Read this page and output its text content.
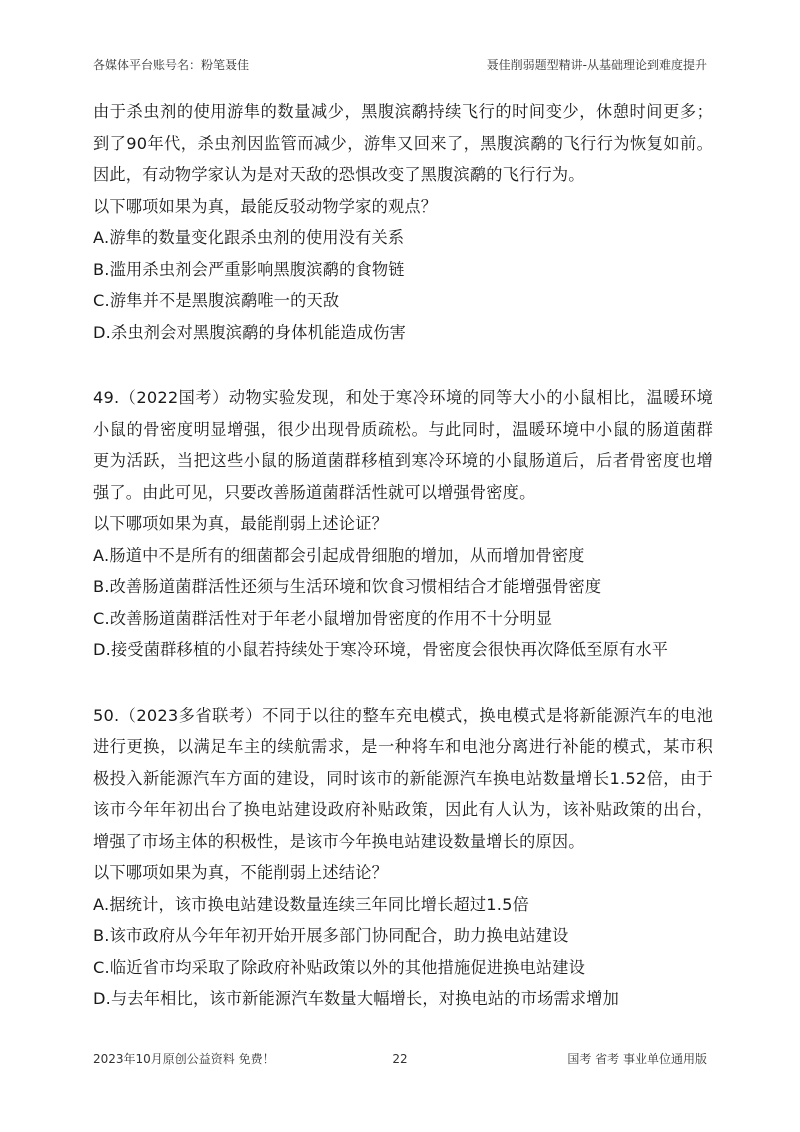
各媒体平台账号名：粉笔聂佳	聂佳削弱题型精讲-从基础理论到难度提升

由于杀虫剂的使用游隼的数量减少，黑腹滨鹬持续飞行的时间变少，休憩时间更多；到了90年代，杀虫剂因监管而减少，游隼又回来了，黑腹滨鹬的飞行行为恢复如前。因此，有动物学家认为是对天敌的恐惧改变了黑腹滨鹬的飞行行为。

以下哪项如果为真，最能反驳动物学家的观点？

A.游隼的数量变化跟杀虫剂的使用没有关系

B.滥用杀虫剂会严重影响黑腹滨鹬的食物链

C.游隼并不是黑腹滨鹬唯一的天敌

D.杀虫剂会对黑腹滨鹬的身体机能造成伤害

49.（2022国考）动物实验发现，和处于寒冷环境的同等大小的小鼠相比，温暖环境小鼠的骨密度明显增强，很少出现骨质疏松。与此同时，温暖环境中小鼠的肠道菌群更为活跃，当把这些小鼠的肠道菌群移植到寒冷环境的小鼠肠道后，后者骨密度也增强了。由此可见，只要改善肠道菌群活性就可以增强骨密度。

以下哪项如果为真，最能削弱上述论证？

A.肠道中不是所有的细菌都会引起成骨细胞的增加，从而增加骨密度

B.改善肠道菌群活性还须与生活环境和饮食习惯相结合才能增强骨密度

C.改善肠道菌群活性对于年老小鼠增加骨密度的作用不十分明显

D.接受菌群移植的小鼠若持续处于寒冷环境，骨密度会很快再次降低至原有水平

50.（2023多省联考）不同于以往的整车充电模式，换电模式是将新能源汽车的电池进行更换，以满足车主的续航需求，是一种将车和电池分离进行补能的模式，某市积极投入新能源汽车方面的建设，同时该市的新能源汽车换电站数量增长1.52倍，由于该市今年年初出台了换电站建设政府补贴政策，因此有人认为，该补贴政策的出台，增强了市场主体的积极性，是该市今年换电站建设数量增长的原因。

以下哪项如果为真，不能削弱上述结论？

A.据统计，该市换电站建设数量连续三年同比增长超过1.5倍

B.该市政府从今年年初开始开展多部门协同配合，助力换电站建设

C.临近省市均采取了除政府补贴政策以外的其他措施促进换电站建设

D.与去年相比，该市新能源汽车数量大幅增长，对换电站的市场需求增加

2023年10月原创公益资料 免费！	22	国考 省考 事业单位通用版
